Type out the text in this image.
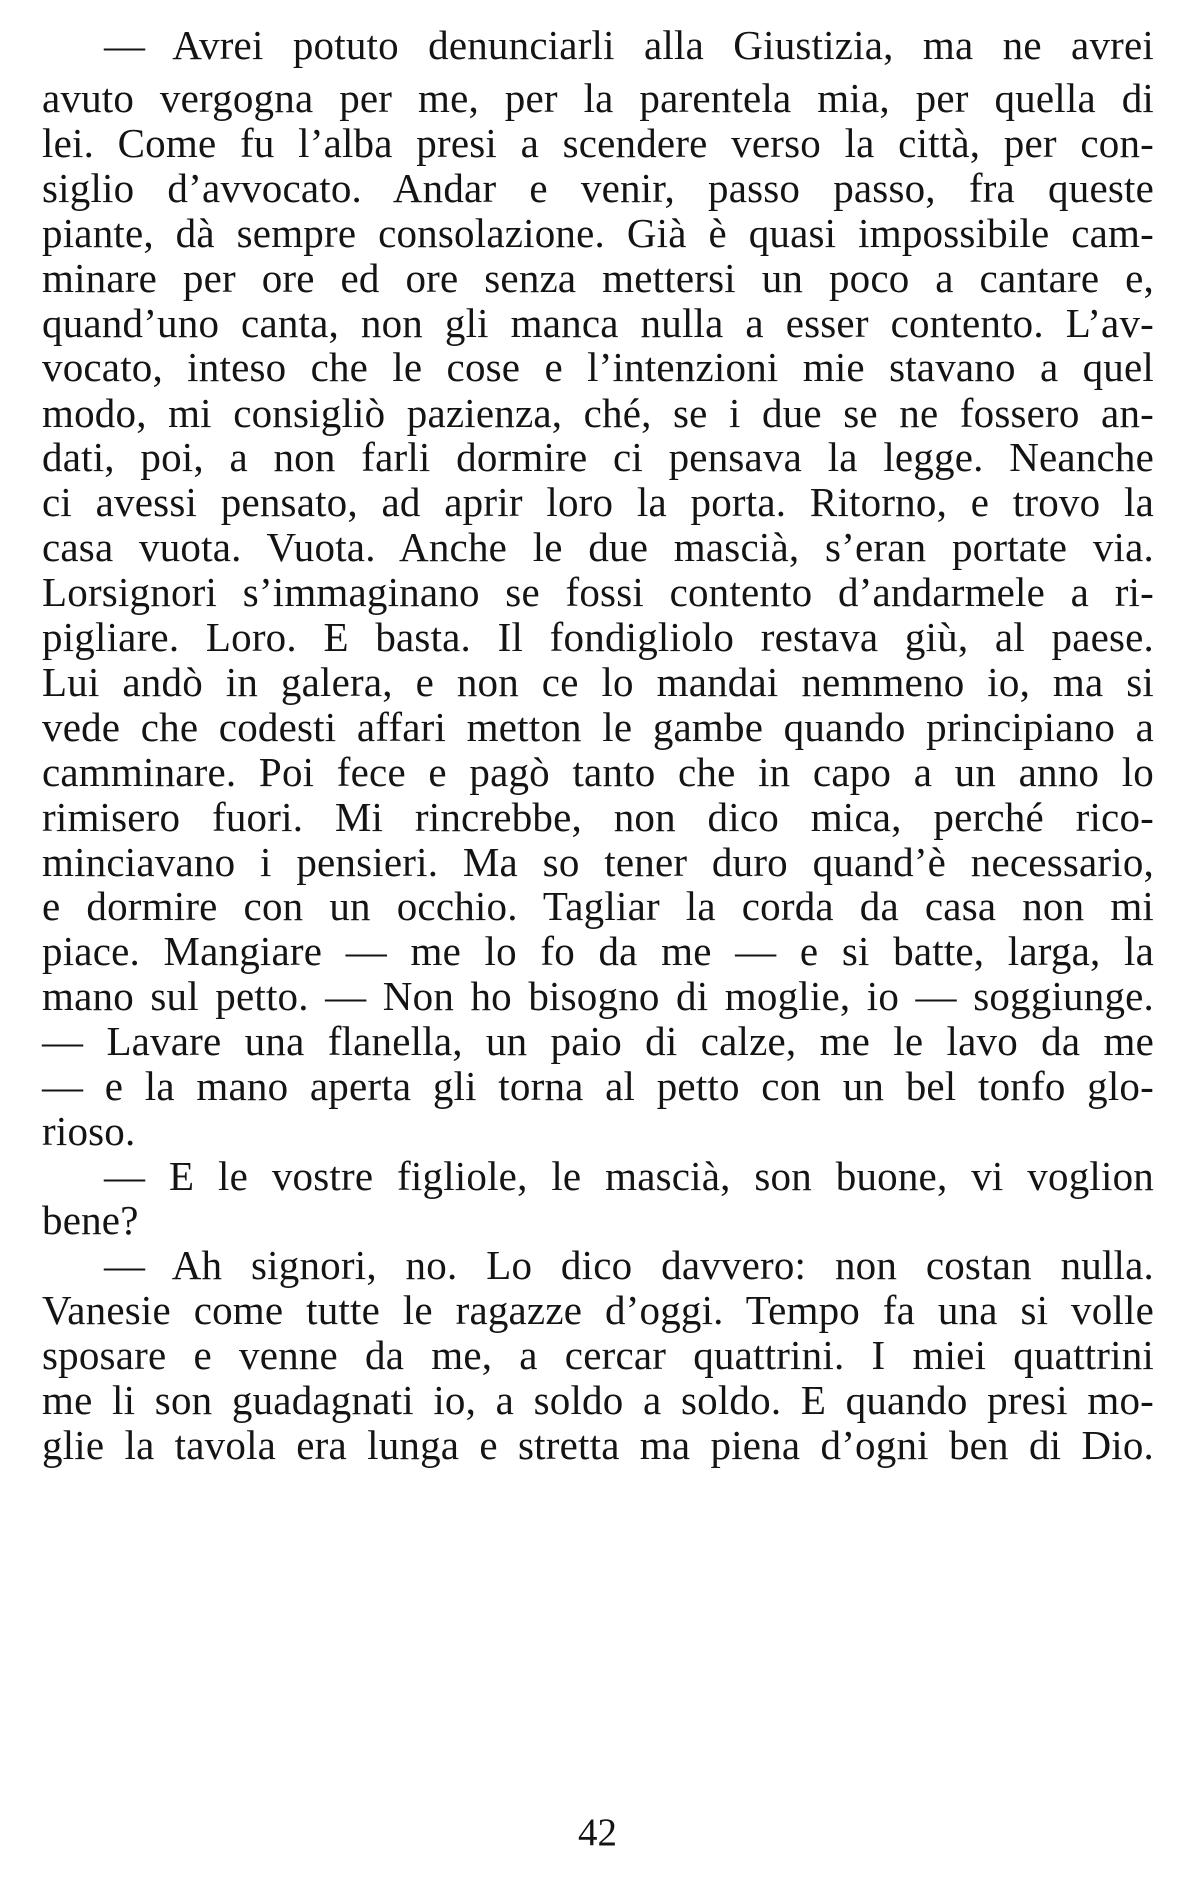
— Avrei potuto denunciarli alla Giustizia, ma ne avrei
avuto vergogna per me, per la parentela mia, per quella di
lei. Come fu l’alba presi a scendere verso la città, per con-
siglio d’avvocato. Andar e venir, passo passo, fra queste
piante, dà sempre consolazione. Già è quasi impossibile cam-
minare per ore ed ore senza mettersi un poco a cantare e,
quand’uno canta, non gli manca nulla a esser contento. L’av-
vocato, inteso che le cose e l’intenzioni mie stavano a quel
modo, mi consigliò pazienza, ché, se i due se ne fossero an-
dati, poi, a non farli dormire ci pensava la legge. Neanche
ci avessi pensato, ad aprir loro la porta. Ritorno, e trovo la
casa vuota. Vuota. Anche le due mascià, s’eran portate via.
Lorsignori s’immaginano se fossi contento d’andarmele a ri-
pigliare. Loro. E basta. Il fondigliolo restava giù, al paese.
Lui andò in galera, e non ce lo mandai nemmeno io, ma si
vede che codesti affari metton le gambe quando principiano a
camminare. Poi fece e pagò tanto che in capo a un anno lo
rimisero fuori. Mi rincrebbe, non dico mica, perché rico-
minciavano i pensieri. Ma so tener duro quand’è necessario,
e dormire con un occhio. Tagliar la corda da casa non mi
piace. Mangiare — me lo fo da me — e si batte, larga, la
mano sul petto. — Non ho bisogno di moglie, io — soggiunge.
— Lavare una flanella, un paio di calze, me le lavo da me
— e la mano aperta gli torna al petto con un bel tonfo glo-
rioso.
— E le vostre figliole, le mascià, son buone, vi voglion
bene?
— Ah signori, no. Lo dico davvero: non costan nulla.
Vanesie come tutte le ragazze d’oggi. Tempo fa una si volle
sposare e venne da me, a cercar quattrini. I miei quattrini
me li son guadagnati io, a soldo a soldo. E quando presi mo-
glie la tavola era lunga e stretta ma piena d’ogni ben di Dio.
42
